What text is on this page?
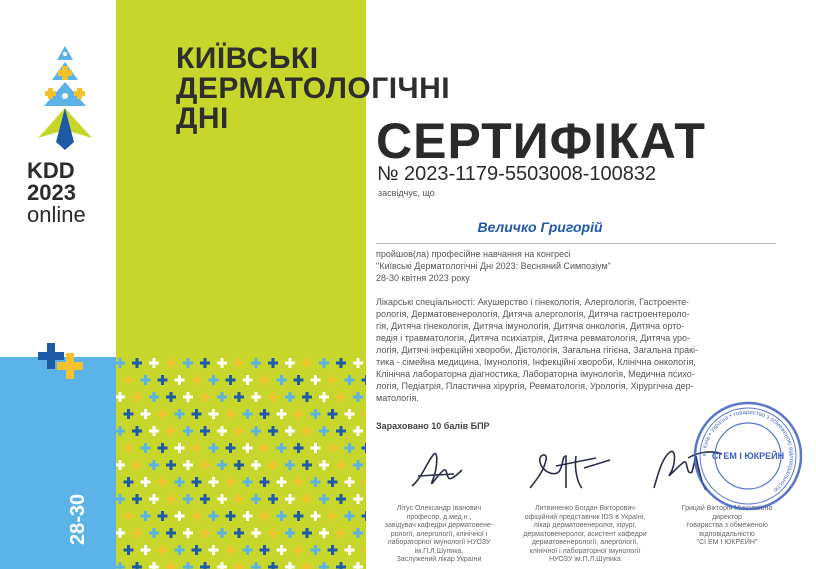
KDD
2023
online

28-30

КИЇВСЬКІ
ДЕРМАТОЛОГІЧНІ
ДНІ	СЕРТИФІКАТ
№ 2023-1179-5503008-100832
засвідчує, що
Величко Григорій
пройшов(ла) професійне навчання на конгресі
"Київські Дерматологічні Дні 2023: Весняний Симпозіум"
28-30 квітня 2023 року
Лікарські спеціальності: Акушерство і гінекологія, Алергологія, Гастроенте-
рологія, Дерматовенерологія, Дитяча алергологія, Дитяча гастроентероло-
гія, Дитяча гінекологія, Дитяча імунологія, Дитяча онкологія, Дитяча орто-
педія і травматологія, Дитяча психіатрія, Дитяча ревматологія, Дитяча уро-
логія, Дитячі інфекційні хвороби, Дієтологія, Загальна гігієна, Загальна пракі-
тика - сімейна медицина, Імунологія, Інфекційні хвороби, Клінічна онкологія,
Клінічна лабораторна діагностика, Лабораторна імунологія, Медична психо-
логія, Педіатрія, Пластична хірургія, Ревматологія, Урологія, Хірургічна дер-
матологія.
Зараховано 10 балів БПР
Літус Олександр Іванович
професор, д.мед.н.,
завідувач кафедри дерматовене-
рології, алергології, клінічної і
лабораторної імунології НУОЗУ
ім.П.Л.Шупика,
Заслужений лікар України
Литвиненко Богдан Вікторович
офіційний представник IDS в Україні,
лікар дерматовенеролог, хірург,
дерматовенеролог, асистент кафедри
дерматовенерології, алергології,
клінічної і лабораторної імунології
НУОЗУ ім.П.Л.Шупика
Грицай Вікторія Миколаївна
директор
товариства з обмеженою
відповідальністю
"СІ ЕМ І ЮКРЕЙН"
м. Київ • Україна • товариство з обмеженою відповідальністю
СІ ЕМ І ЮКРЕЙН
